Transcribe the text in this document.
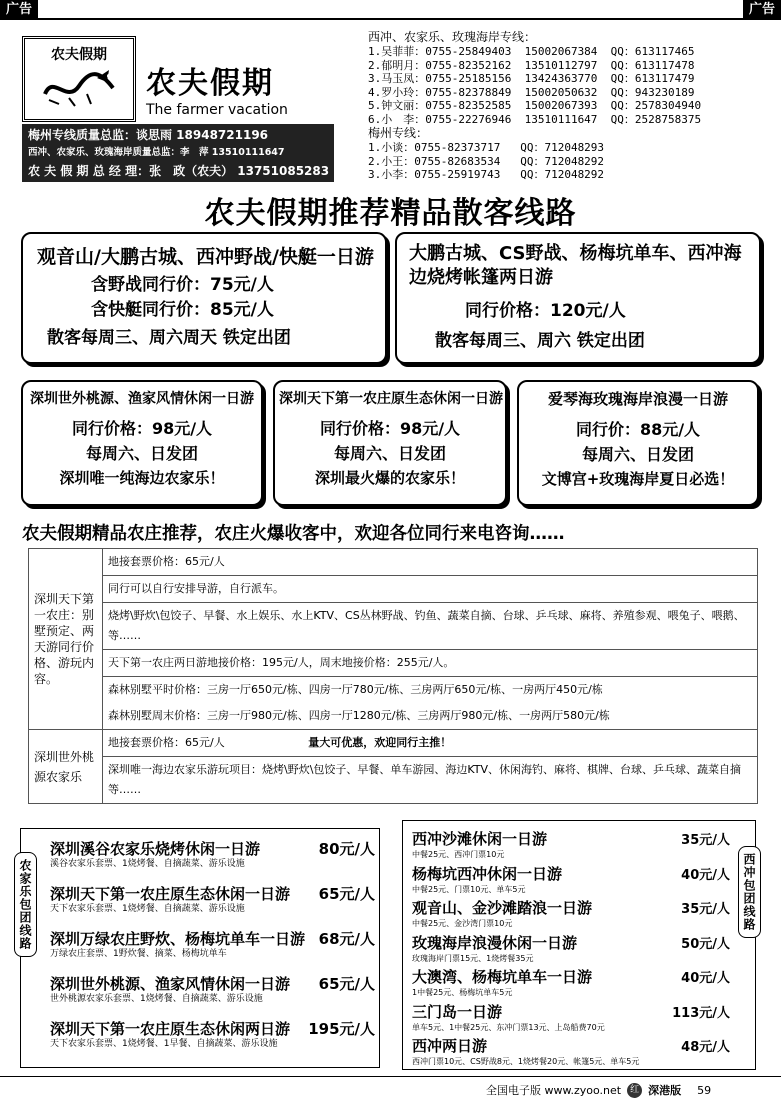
广告	广告
农夫假期
农夫假期
The farmer vacation
梅州专线质量总监：谈思雨 18948721196
西冲、农家乐、玫瑰海岸质量总监：李　萍 13510111647
农 夫 假 期 总 经 理：张　政（农夫） 13751085283
西冲、农家乐、玫瑰海岸专线：
1.吴菲菲：0755-25849403  15002067384  QQ：613117465
2.郁明月：0755-82352162  13510112797  QQ：613117478
3.马玉凤：0755-25185156  13424363770  QQ：613117479
4.罗小玲：0755-82378849  15002050632  QQ：943230189
5.钟文丽：0755-82352585  15002067393  QQ：2578304940
6.小　李：0755-22276946  13510111647  QQ：2528758375
梅州专线：
1.小谈：0755-82373717   QQ：712048293
2.小王：0755-82683534   QQ：712048292
3.小李：0755-25919743   QQ：712048292
农夫假期推荐精品散客线路
观音山/大鹏古城、西冲野战/快艇一日游
含野战同行价：75元/人
含快艇同行价：85元/人
散客每周三、周六周天 铁定出团
大鹏古城、CS野战、杨梅坑单车、西冲海
边烧烤帐篷两日游
同行价格：120元/人
散客每周三、周六 铁定出团
深圳世外桃源、渔家风情休闲一日游
同行价格：98元/人
每周六、日发团
深圳唯一纯海边农家乐！
深圳天下第一农庄原生态休闲一日游
同行价格：98元/人
每周六、日发团
深圳最火爆的农家乐！
爱琴海玫瑰海岸浪漫一日游
同行价：88元/人
每周六、日发团
文博宫+玫瑰海岸夏日必选！
农夫假期精品农庄推荐，农庄火爆收客中，欢迎各位同行来电咨询……
深圳天下第一农庄：别墅预定、两天游同行价格、游玩内容。	地接套票价格：65元/人
	同行可以自行安排导游，自行派车。
	烧烤\野炊\包饺子、早餐、水上娱乐、水上KTV、CS丛林野战、钓鱼、蔬菜自摘、台球、乒乓球、麻将、养殖参观、喂兔子、喂鹅、等……
	天下第一农庄两日游地接价格：195元/人，周末地接价格：255元/人。
	森林别墅平时价格：三房一厅650元/栋、四房一厅780元/栋、三房两厅650元/栋、一房两厅450元/栋
	森林别墅周末价格：三房一厅980元/栋、四房一厅1280元/栋、三房两厅980元/栋、一房两厅580元/栋
深圳世外桃源农家乐	地接套票价格：65元/人 量大可优惠，欢迎同行主推！
	深圳唯一海边农家乐游玩项目：烧烤\野炊\包饺子、早餐、单车游园、海边KTV、休闲海钓、麻将、棋牌、台球、乒乓球、蔬菜自摘等……
农家乐包团线路
深圳溪谷农家乐烧烤休闲一日游	80元/人
溪谷农家乐套票、1烧烤餐、自摘蔬菜、游乐设施
深圳天下第一农庄原生态休闲一日游 65元/人
天下农家乐套票、1烧烤餐、自摘蔬菜、游乐设施
深圳万绿农庄野炊、杨梅坑单车一日游 68元/人
万绿农庄套票、1野炊餐、摘菜、杨梅坑单车
深圳世外桃源、渔家风情休闲一日游 65元/人
世外桃源农家乐套票、1烧烤餐、自摘蔬菜、游乐设施
深圳天下第一农庄原生态休闲两日游 195元/人
天下农家乐套票、1烧烤餐、1早餐、自摘蔬菜、游乐设施
西冲包团线路
西冲沙滩休闲一日游	35元/人
中餐25元、西冲门票10元
杨梅坑西冲休闲一日游	40元/人
中餐25元、门票10元、单车5元
观音山、金沙滩踏浪一日游	35元/人
中餐25元、金沙湾门票10元
玫瑰海岸浪漫休闲一日游	50元/人
玫瑰海岸门票15元、1烧烤餐35元
大澳湾、杨梅坑单车一日游	40元/人
1中餐25元、杨梅坑单车5元
三门岛一日游	113元/人
单车5元、1中餐25元、东冲门票13元、上岛船费70元
西冲两日游	48元/人
西冲门票10元、CS野战8元、1烧烤餐20元、帐篷5元、单车5元
全国电子版 www.zyoo.net 红 深港版 59
